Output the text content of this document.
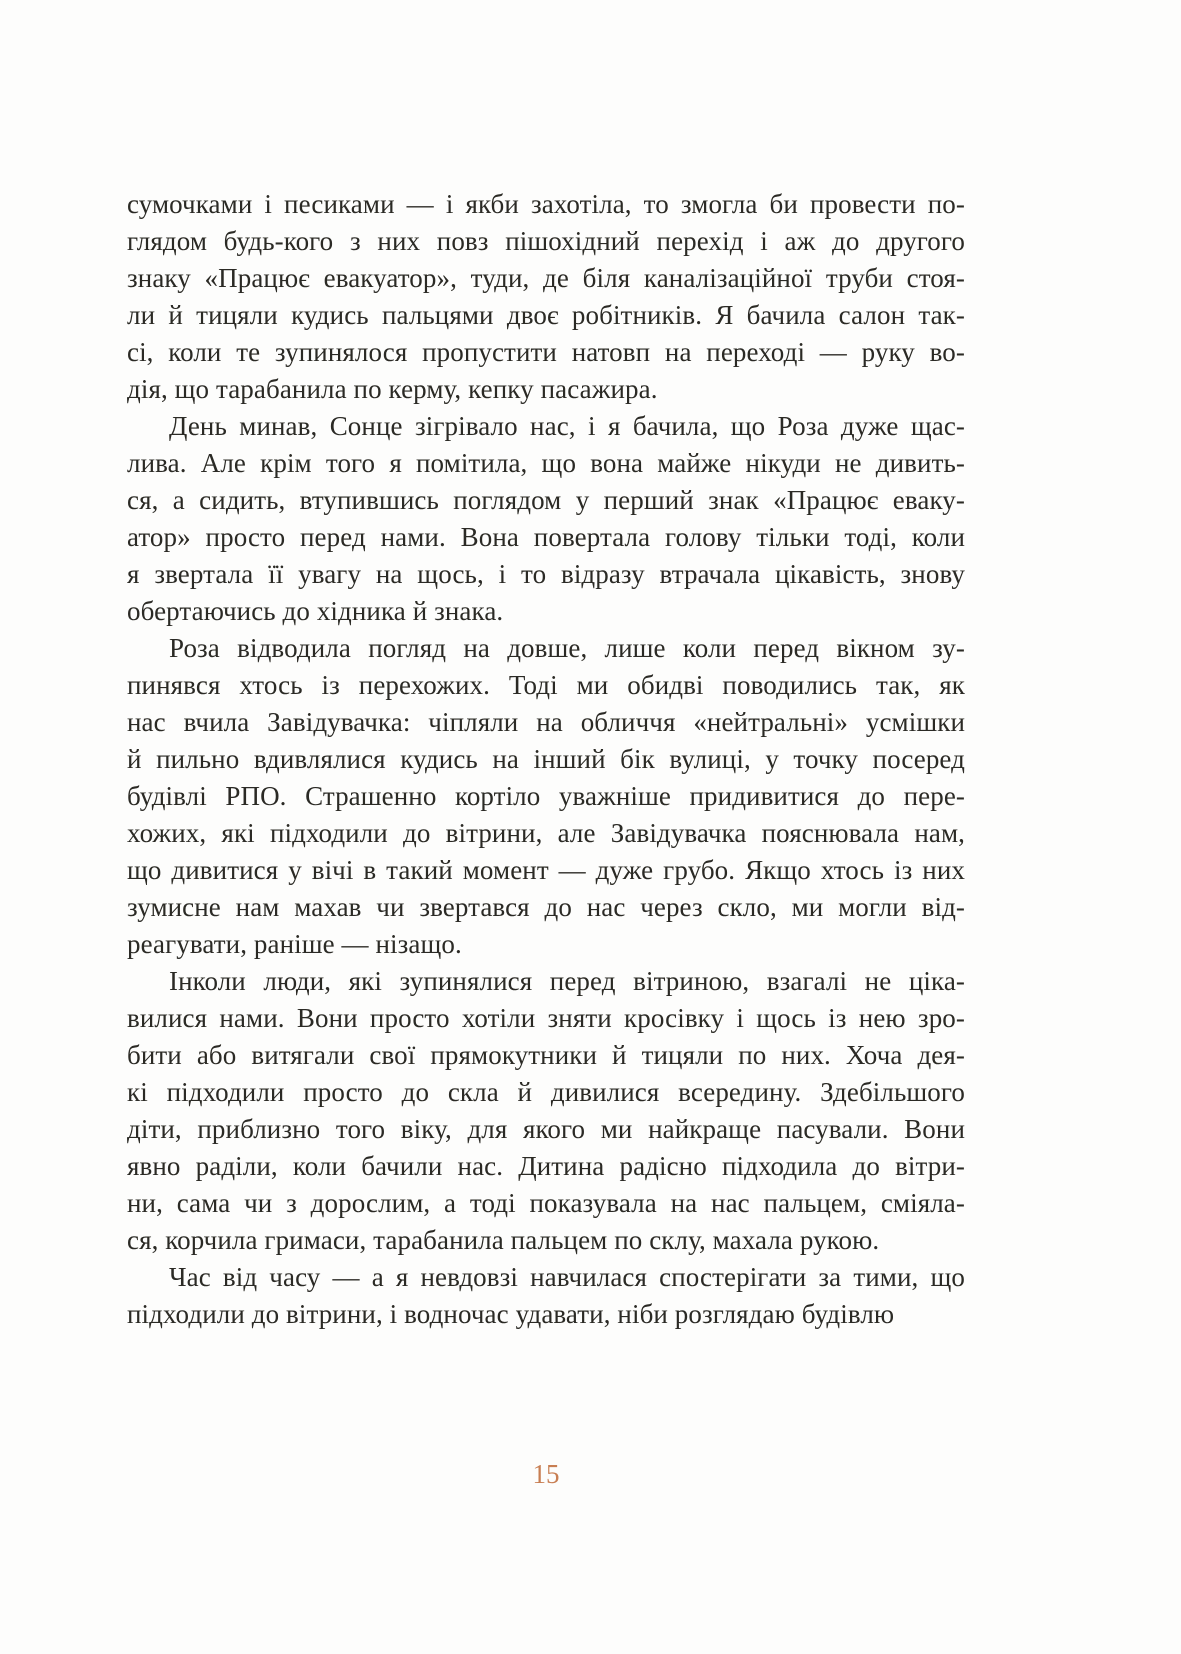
сумочками і песиками — і якби захотіла, то змогла би провести по-
глядом будь-кого з них повз пішохідний перехід і аж до другого
знаку «Працює евакуатор», туди, де біля каналізаційної труби стоя-
ли й тицяли кудись пальцями двоє робітників. Я бачила салон так-
сі, коли те зупинялося пропустити натовп на переході — руку во-
дія, що тарабанила по керму, кепку пасажира.

День минав, Сонце зігрівало нас, і я бачила, що Роза дуже щас-
лива. Але крім того я помітила, що вона майже нікуди не дивить-
ся, а сидить, втупившись поглядом у перший знак «Працює еваку-
атор» просто перед нами. Вона повертала голову тільки тоді, коли
я звертала її увагу на щось, і то відразу втрачала цікавість, знову
обертаючись до хідника й знака.

Роза відводила погляд на довше, лише коли перед вікном зу-
пинявся хтось із перехожих. Тоді ми обидві поводились так, як
нас вчила Завідувачка: чіпляли на обличчя «нейтральні» усмішки
й пильно вдивлялися кудись на інший бік вулиці, у точку посеред
будівлі РПО. Страшенно кортіло уважніше придивитися до пере-
хожих, які підходили до вітрини, але Завідувачка пояснювала нам,
що дивитися у вічі в такий момент — дуже грубо. Якщо хтось із них
зумисне нам махав чи звертався до нас через скло, ми могли від-
реагувати, раніше — нізащо.

Інколи люди, які зупинялися перед вітриною, взагалі не ціка-
вилися нами. Вони просто хотіли зняти кросівку і щось із нею зро-
бити або витягали свої прямокутники й тицяли по них. Хоча дея-
кі підходили просто до скла й дивилися всередину. Здебільшого
діти, приблизно того віку, для якого ми найкраще пасували. Вони
явно раділи, коли бачили нас. Дитина радісно підходила до вітри-
ни, сама чи з дорослим, а тоді показувала на нас пальцем, сміяла-
ся, корчила гримаси, тарабанила пальцем по склу, махала рукою.

Час від часу — а я невдовзі навчилася спостерігати за тими, що
підходили до вітрини, і водночас удавати, ніби розглядаю будівлю

15
